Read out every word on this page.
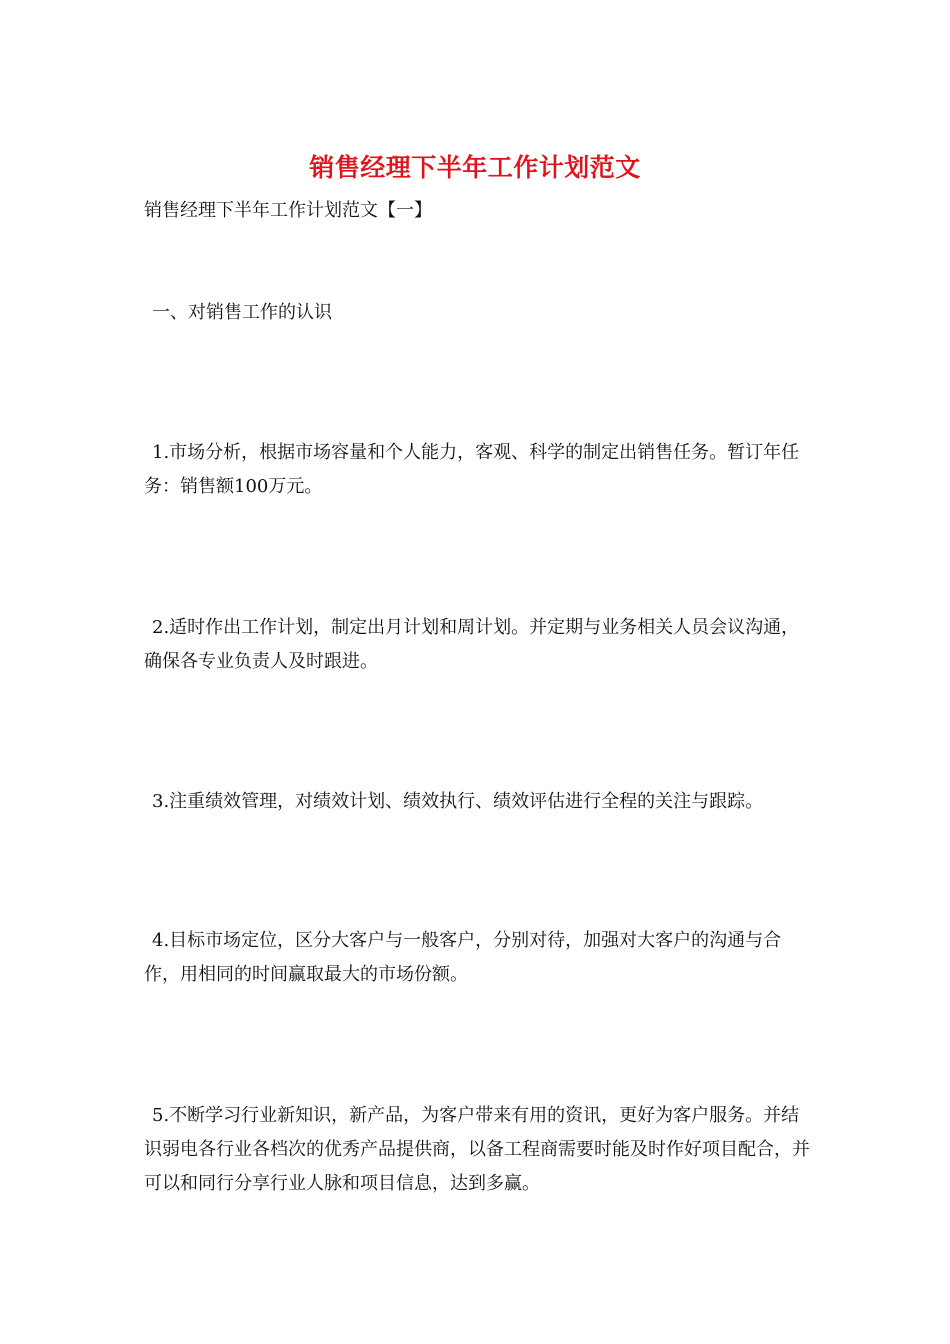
销售经理下半年工作计划范文

销售经理下半年工作计划范文【一】

一、对销售工作的认识

1.市场分析，根据市场容量和个人能力，客观、科学的制定出销售任务。暂订年任务：销售额100万元。

2.适时作出工作计划，制定出月计划和周计划。并定期与业务相关人员会议沟通，确保各专业负责人及时跟进。

3.注重绩效管理，对绩效计划、绩效执行、绩效评估进行全程的关注与跟踪。

4.目标市场定位，区分大客户与一般客户，分别对待，加强对大客户的沟通与合作，用相同的时间赢取最大的市场份额。

5.不断学习行业新知识，新产品，为客户带来有用的资讯，更好为客户服务。并结识弱电各行业各档次的优秀产品提供商，以备工程商需要时能及时作好项目配合，并可以和同行分享行业人脉和项目信息，达到多赢。
